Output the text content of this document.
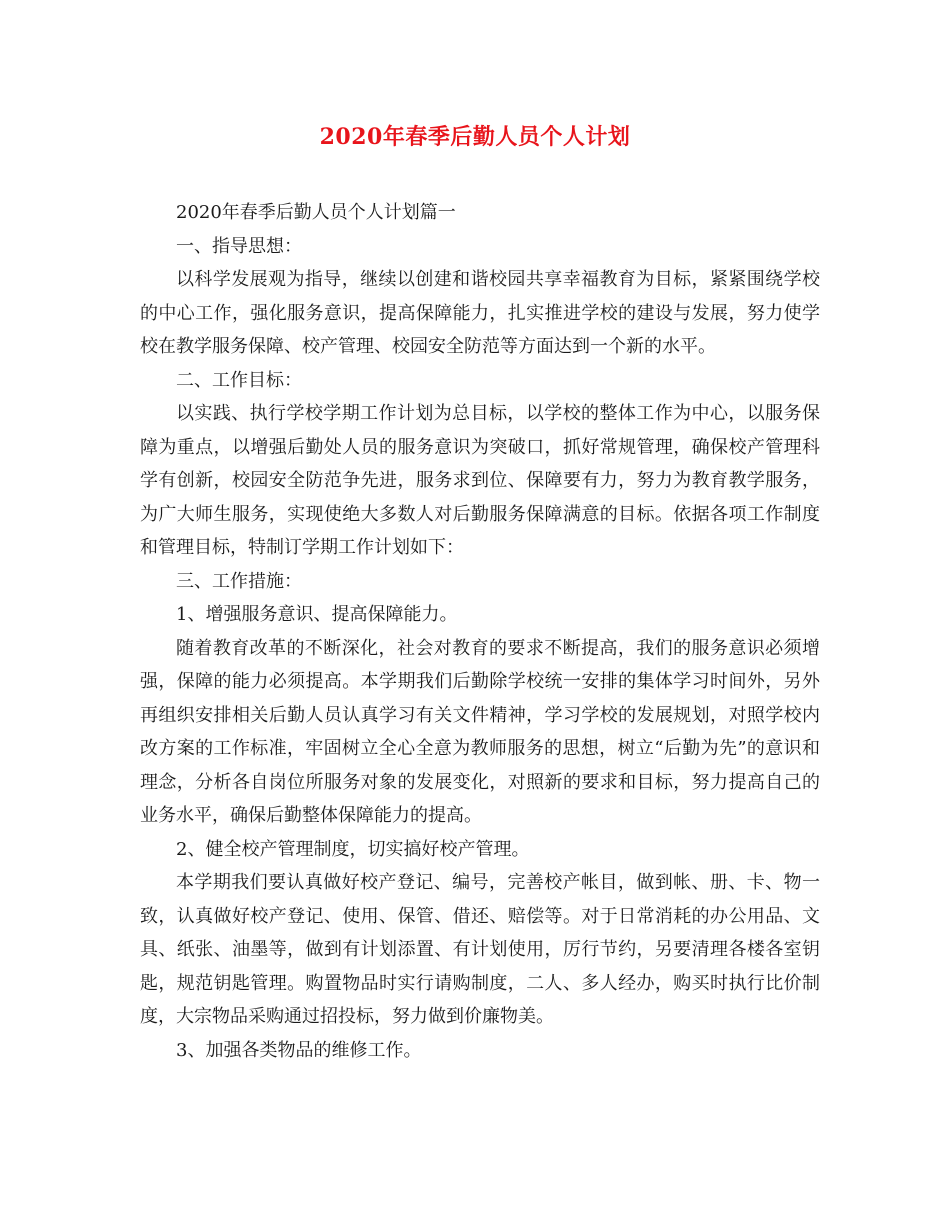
2020年春季后勤人员个人计划

2020年春季后勤人员个人计划篇一

一、指导思想：

以科学发展观为指导，继续以创建和谐校园共享幸福教育为目标，紧紧围绕学校的中心工作，强化服务意识，提高保障能力，扎实推进学校的建设与发展，努力使学校在教学服务保障、校产管理、校园安全防范等方面达到一个新的水平。

二、工作目标：

以实践、执行学校学期工作计划为总目标，以学校的整体工作为中心，以服务保障为重点，以增强后勤处人员的服务意识为突破口，抓好常规管理，确保校产管理科学有创新，校园安全防范争先进，服务求到位、保障要有力，努力为教育教学服务，为广大师生服务，实现使绝大多数人对后勤服务保障满意的目标。依据各项工作制度和管理目标，特制订学期工作计划如下：

三、工作措施：

1、增强服务意识、提高保障能力。

随着教育改革的不断深化，社会对教育的要求不断提高，我们的服务意识必须增强，保障的能力必须提高。本学期我们后勤除学校统一安排的集体学习时间外，另外再组织安排相关后勤人员认真学习有关文件精神，学习学校的发展规划，对照学校内改方案的工作标准，牢固树立全心全意为教师服务的思想，树立“后勤为先”的意识和理念，分析各自岗位所服务对象的发展变化，对照新的要求和目标，努力提高自己的业务水平，确保后勤整体保障能力的提高。

2、健全校产管理制度，切实搞好校产管理。

本学期我们要认真做好校产登记、编号，完善校产帐目，做到帐、册、卡、物一致，认真做好校产登记、使用、保管、借还、赔偿等。对于日常消耗的办公用品、文具、纸张、油墨等，做到有计划添置、有计划使用，厉行节约，另要清理各楼各室钥匙，规范钥匙管理。购置物品时实行请购制度，二人、多人经办，购买时执行比价制度，大宗物品采购通过招投标，努力做到价廉物美。

3、加强各类物品的维修工作。
